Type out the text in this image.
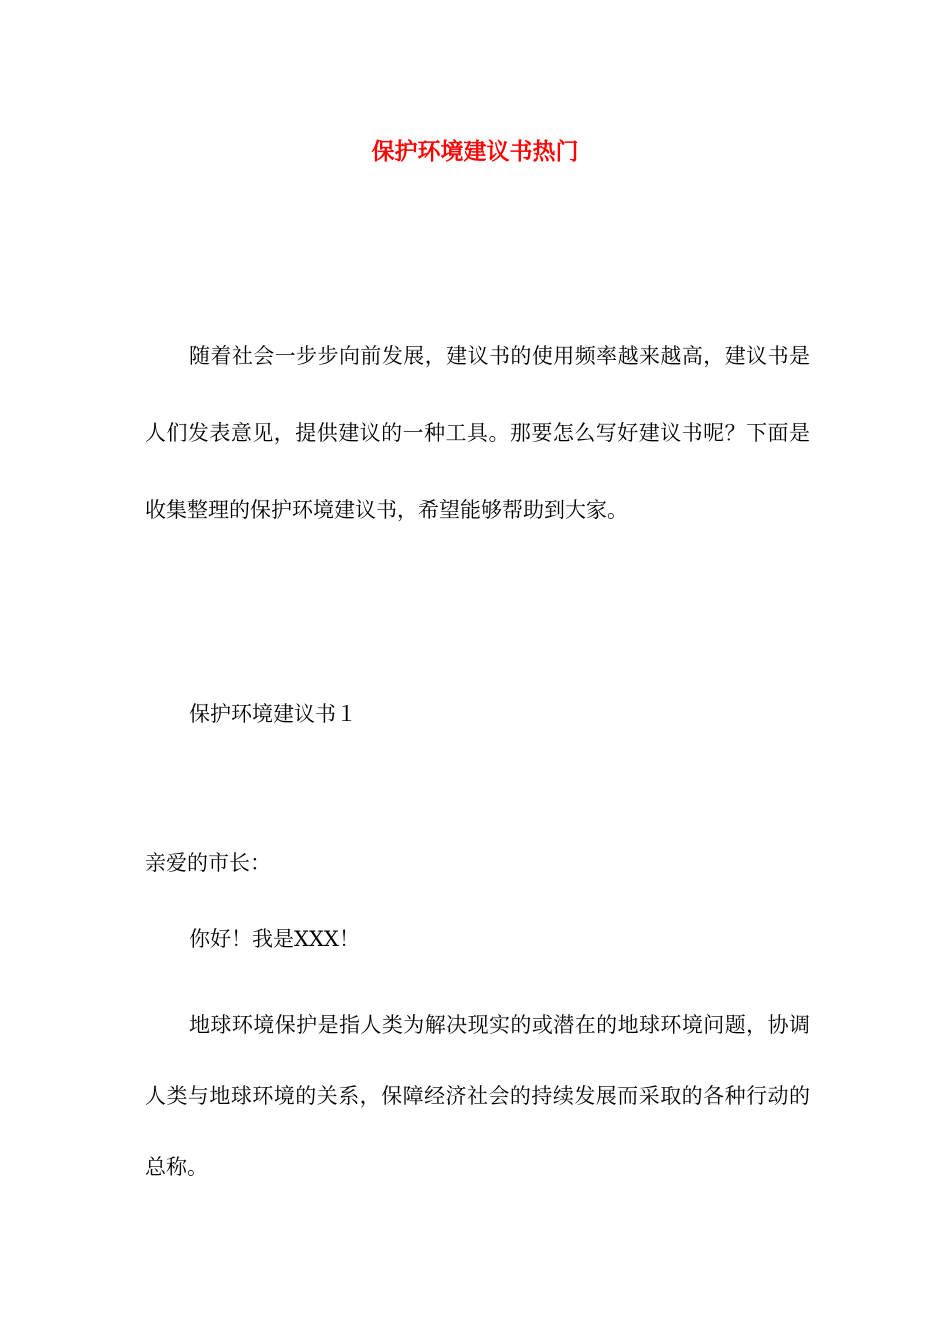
保护环境建议书热门

随着社会一步步向前发展，建议书的使用频率越来越高，建议书是人们发表意见，提供建议的一种工具。那要怎么写好建议书呢？下面是收集整理的保护环境建议书，希望能够帮助到大家。

保护环境建议书１

亲爱的市长：

你好！我是XXX！

地球环境保护是指人类为解决现实的或潜在的地球环境问题，协调人类与地球环境的关系，保障经济社会的持续发展而采取的各种行动的总称。
